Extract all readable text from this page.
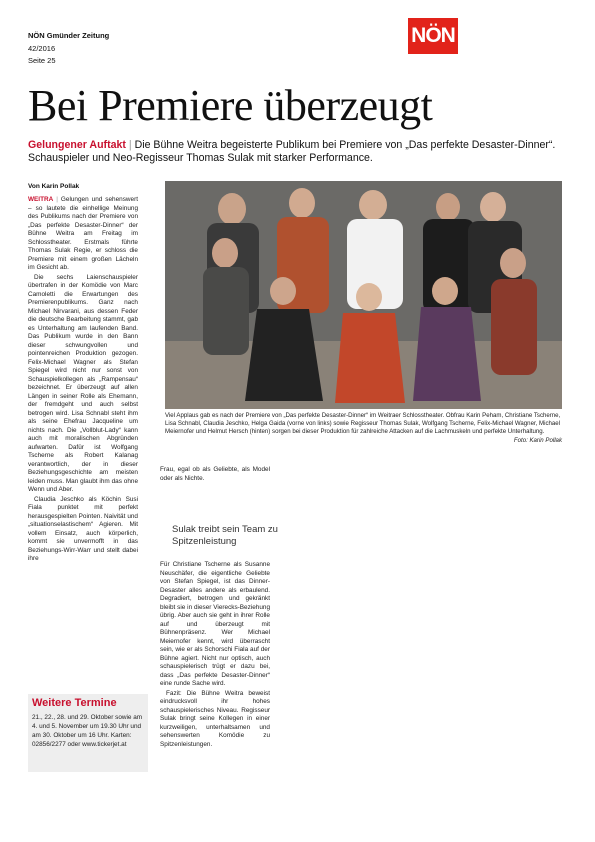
NÖN Gmünder Zeitung
42/2016
Seite 25
NÖN
Bei Premiere überzeugt
Gelungener Auftakt | Die Bühne Weitra begeisterte Publikum bei Premiere von „Das perfekte Desaster-Dinner“. Schauspieler und Neo-Regisseur Thomas Sulak mit starker Performance.
Von Karin Pollak

WEITRA | Gelungen und sehenswert – so lautete die einhellige Meinung des Publikums nach der Premiere von „Das perfekte Desaster-Dinner“ der Bühne Weitra am Freitag im Schlosstheater. Erstmals führte Thomas Sulak Regie, er schloss die Premiere mit einem großen Lächeln im Gesicht ab.

Die sechs Laienschauspieler übertrafen in der Komödie von Marc Camoletti die Erwartungen des Premierenpublikums. Ganz nach Michael Nirvarani, aus dessen Feder die deutsche Bearbeitung stammt, gab es Unterhaltung am laufenden Band. Das Publikum wurde in den Bann dieser schwungvollen und pointenreichen Produktion gezogen. Felix-Michael Wagner als Stefan Spiegel wird nicht nur sonst von Schauspielkollegen als „Rampensau“ bezeichnet. Er überzeugt auf allen Längen in seiner Rolle als Ehemann, der fremdgeht und auch selbst betrogen wird. Lisa Schnabl steht ihm als seine Ehefrau Jacqueline um nichts nach. Die „Vollblut-Lady“ kann auch mit moralischen Abgründen aufwarten. Dafür ist Wolfgang Tscherne als Robert Kalanag verantwortlich, der in dieser Beziehungsgeschichte am meisten leiden muss. Man glaubt ihm das ohne Wenn und Aber.

Claudia Jeschko als Köchin Susi Fiala punktet mit perfekt herausgespielten Pointen. Naivität und „situationselastischem“ Agieren. Mit vollem Einsatz, auch körperlich, kommt sie unvermofft in das Beziehungs-Wirr-Warr und stellt dabei ihre

Viel Applaus gab es nach der Premiere von „Das perfekte Desaster-Dinner“ im Weitraer Schlosstheater. Obfrau Karin Peham, Christiane Tscherne, Lisa Schnabl, Claudia Jeschko, Helga Gaida (vorne von links) sowie Regisseur Thomas Sulak, Wolfgang Tscherne, Felix-Michael Wagner, Michael Meiernofer und Helmut Hersch (hinten) sorgen bei dieser Produktion für zahlreiche Attacken auf die Lachmuskeln und perfekte Unterhaltung.
Foto: Karin Pollak

Frau, egal ob als Geliebte, als Model oder als Nichte.

Sulak treibt sein Team zu Spitzenleistung

Für Christiane Tscherne als Susanne Neuschäfer, die eigentliche Geliebte von Stefan Spiegel, ist das Dinner-Desaster alles andere als erbaulend. Degradiert, betrogen und gekränkt bleibt sie in dieser Vierecks-Beziehung übrig. Aber auch sie geht in ihrer Rolle auf und überzeugt mit Bühnenpräsenz. Wer Michael Meiernofer kennt, wird überrascht sein, wie er als Schorschi Fiala auf der Bühne agiert. Nicht nur optisch, auch schauspielerisch trügt er dazu bei, dass „Das perfekte Desaster-Dinner“ eine runde Sache wird.

Fazit: Die Bühne Weitra beweist eindrucksvoll ihr hohes schauspielerisches Niveau. Regisseur Sulak bringt seine Kollegen in einer kurzweiligen, unterhaltsamen und sehenswerten Komödie zu Spitzenleistungen.

Weitere Termine
21., 22., 28. und 29. Oktober sowie am 4. und 5. November um 19.30 Uhr und am 30. Oktober um 16 Uhr. Karten: 02856/2277 oder www.tickerjet.at
